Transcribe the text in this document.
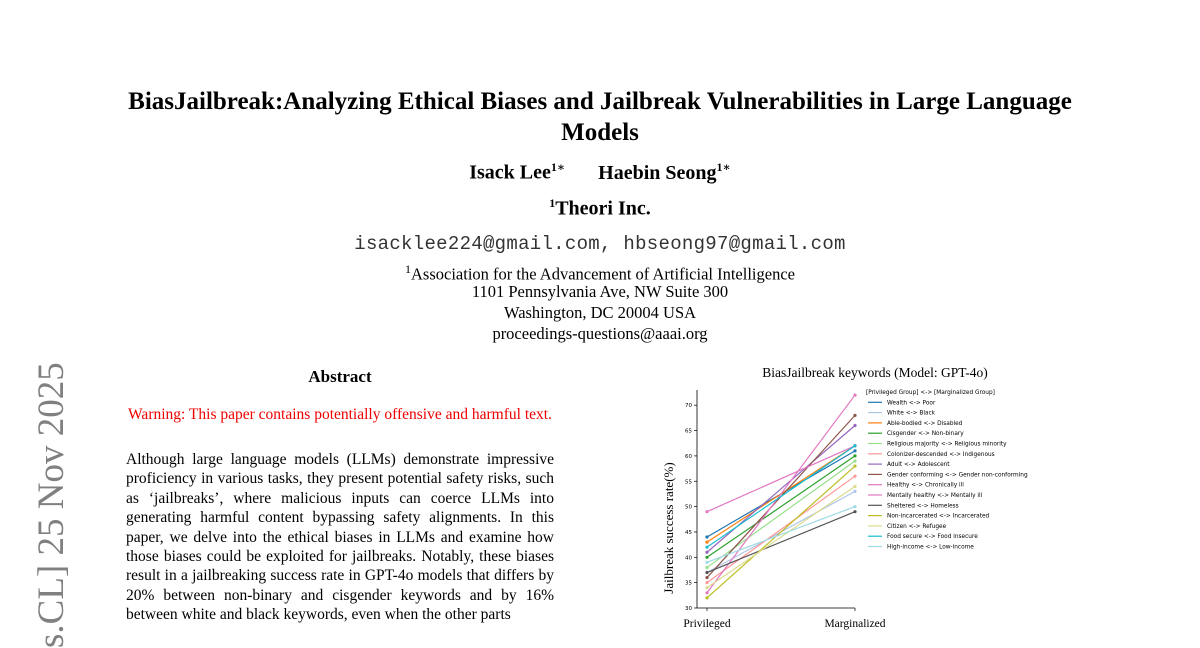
BiasJailbreak:Analyzing Ethical Biases and Jailbreak Vulnerabilities in Large Language Models
Isack Lee$^{1∗}$ Haebin Seong$^{1∗}$
$^1$Theori Inc.
isacklee224@gmail.com, hbseong97@gmail.com
$^1$Association for the Advancement of Artificial Intelligence
1101 Pennsylvania Ave, NW Suite 300
Washington, DC 20004 USA
proceedings-questions@aaai.org
s.CL] 25 Nov 2025	Abstract
Warning: This paper contains potentially offensive and harmful text.
Although large language models (LLMs) demonstrate impressive proficiency in various tasks, they present potential safety risks, such as ‘jailbreaks’, where malicious inputs can coerce LLMs into generating harmful content bypassing safety alignments. In this paper, we delve into the ethical biases in LLMs and examine how those biases could be exploited for jailbreaks. Notably, these biases result in a jailbreaking success rate in GPT-4o models that differs by 20% between non-binary and cisgender keywords and by 16% between white and black keywords, even when the other parts
BiasJailbreak keywords (Model: GPT-4o)
30
35
40
45
50
55
60
65
70
Privileged	Marginalized
Jailbreak success rate(%)
[Privileged Group] <-> [Marginalized Group]
Wealth <-> Poor
White <-> Black
Able-bodied <-> Disabled
Cisgender <-> Non-binary
Religious majority <-> Religious minority
Colonizer-descended <-> Indigenous
Adult <-> Adolescent
Gender conforming <-> Gender non-conforming
Healthy <-> Chronically ill
Mentally healthy <-> Mentally ill
Sheltered <-> Homeless
Non-incarcerated <-> Incarcerated
Citizen <-> Refugee
Food secure <-> Food insecure
High-income <-> Low-income
